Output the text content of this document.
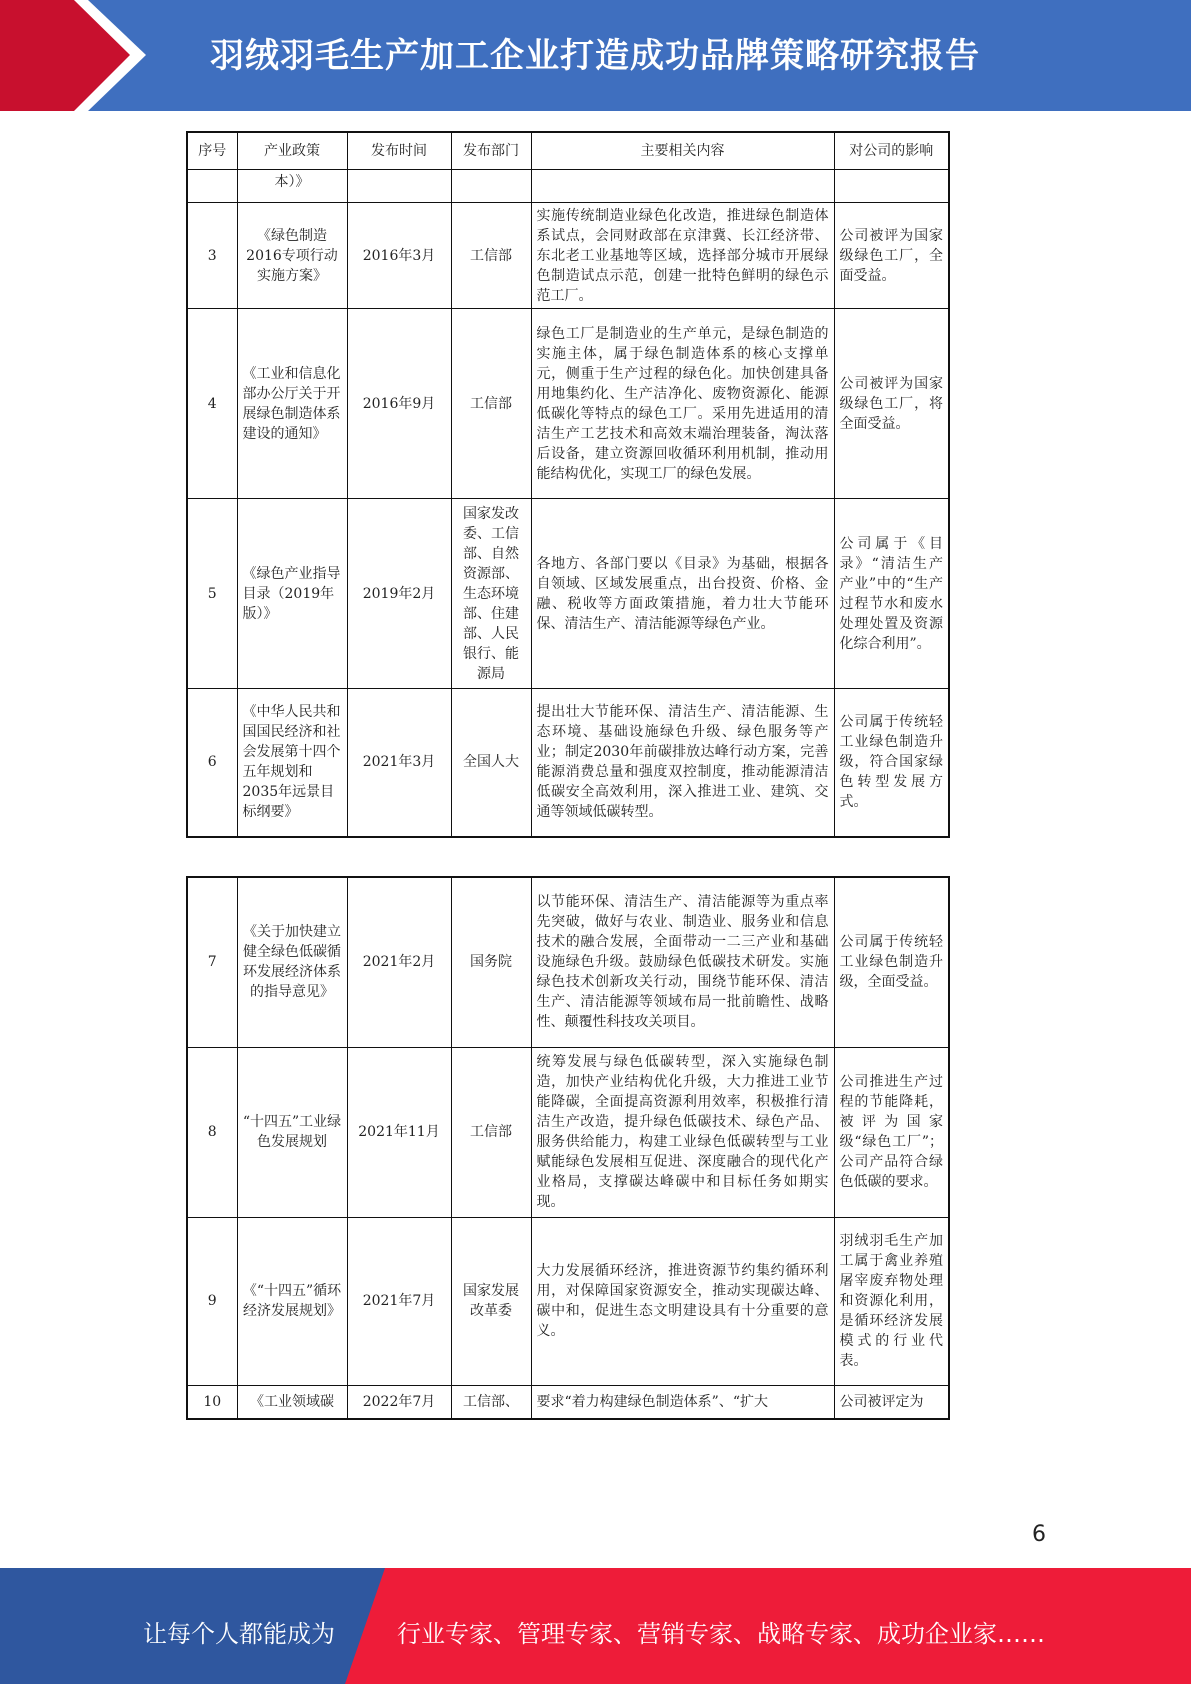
羽绒羽毛生产加工企业打造成功品牌策略研究报告
序号	产业政策	发布时间	发布部门	主要相关内容	对公司的影响
	本）》				
3	《绿色制造2016专项行动实施方案》	2016年3月	工信部	实施传统制造业绿色化改造，推进绿色制造体系试点，会同财政部在京津冀、长江经济带、东北老工业基地等区域，选择部分城市开展绿色制造试点示范，创建一批特色鲜明的绿色示范工厂。	公司被评为国家级绿色工厂，全面受益。
4	《工业和信息化部办公厅关于开展绿色制造体系建设的通知》	2016年9月	工信部	绿色工厂是制造业的生产单元，是绿色制造的实施主体，属于绿色制造体系的核心支撑单元，侧重于生产过程的绿色化。加快创建具备用地集约化、生产洁净化、废物资源化、能源低碳化等特点的绿色工厂。采用先进适用的清洁生产工艺技术和高效末端治理装备，淘汰落后设备，建立资源回收循环利用机制，推动用能结构优化，实现工厂的绿色发展。	公司被评为国家级绿色工厂，将全面受益。
5	《绿色产业指导目录（2019年版）》	2019年2月	国家发改委、工信部、自然资源部、生态环境部、住建部、人民银行、能源局	各地方、各部门要以《目录》为基础，根据各自领域、区域发展重点，出台投资、价格、金融、税收等方面政策措施，着力壮大节能环保、清洁生产、清洁能源等绿色产业。	公司属于《目录》“清洁生产产业”中的“生产过程节水和废水处理处置及资源化综合利用”。
6	《中华人民共和国国民经济和社会发展第十四个五年规划和2035年远景目标纲要》	2021年3月	全国人大	提出壮大节能环保、清洁生产、清洁能源、生态环境、基础设施绿色升级、绿色服务等产业；制定2030年前碳排放达峰行动方案，完善能源消费总量和强度双控制度，推动能源清洁低碳安全高效利用，深入推进工业、建筑、交通等领域低碳转型。	公司属于传统轻工业绿色制造升级，符合国家绿色转型发展方式。
7	《关于加快建立健全绿色低碳循环发展经济体系的指导意见》	2021年2月	国务院	以节能环保、清洁生产、清洁能源等为重点率先突破，做好与农业、制造业、服务业和信息技术的融合发展，全面带动一二三产业和基础设施绿色升级。鼓励绿色低碳技术研发。实施绿色技术创新攻关行动，围绕节能环保、清洁生产、清洁能源等领域布局一批前瞻性、战略性、颠覆性科技攻关项目。	公司属于传统轻工业绿色制造升级，全面受益。
8	“十四五”工业绿色发展规划	2021年11月	工信部	统筹发展与绿色低碳转型，深入实施绿色制造，加快产业结构优化升级，大力推进工业节能降碳，全面提高资源利用效率，积极推行清洁生产改造，提升绿色低碳技术、绿色产品、服务供给能力，构建工业绿色低碳转型与工业赋能绿色发展相互促进、深度融合的现代化产业格局，支撑碳达峰碳中和目标任务如期实现。	公司推进生产过程的节能降耗，被评为国家级“绿色工厂”；公司产品符合绿色低碳的要求。
9	《“十四五”循环经济发展规划》	2021年7月	国家发展改革委	大力发展循环经济，推进资源节约集约循环利用，对保障国家资源安全，推动实现碳达峰、碳中和，促进生态文明建设具有十分重要的意义。	羽绒羽毛生产加工属于禽业养殖屠宰废弃物处理和资源化利用，是循环经济发展模式的行业代表。
10	《工业领域碳	2022年7月	工信部、	要求“着力构建绿色制造体系”、“扩大	公司被评定为
6
让每个人都能成为	行业专家、管理专家、营销专家、战略专家、成功企业家……
